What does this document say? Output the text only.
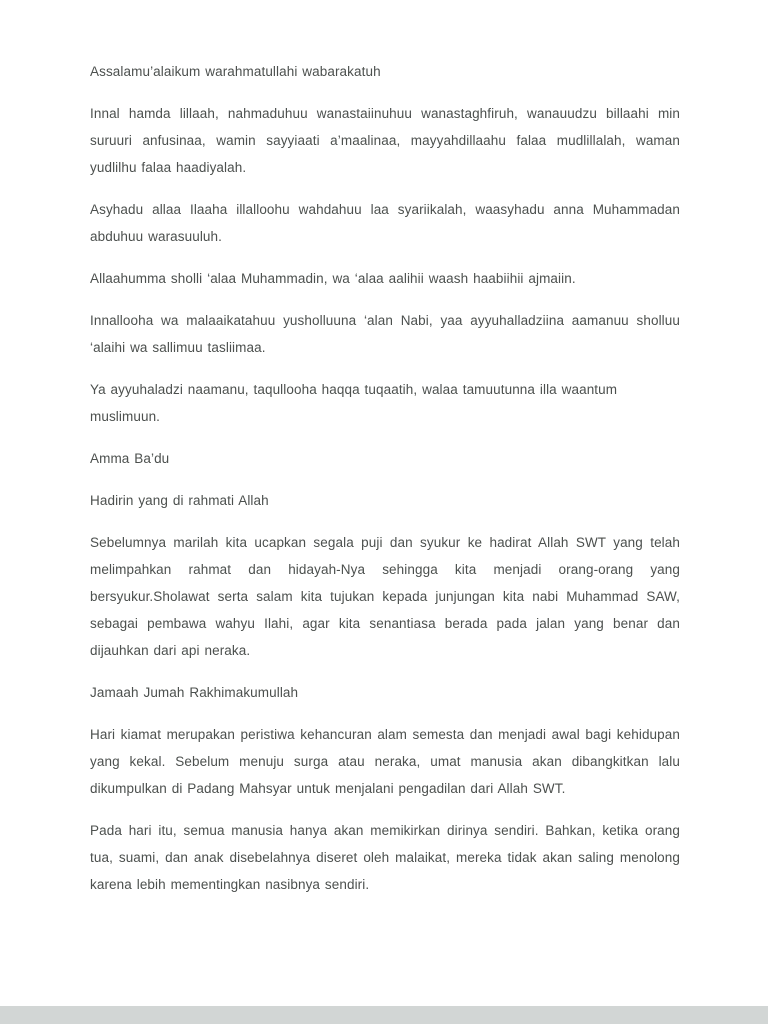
Assalamu’alaikum warahmatullahi wabarakatuh

Innal hamda lillaah, nahmaduhuu wanastaiinuhuu wanastaghfiruh, wanauudzu billaahi min suruuri anfusinaa, wamin sayyiaati a’maalinaa, mayyahdillaahu falaa mudlillalah, waman yudlilhu falaa haadiyalah.

Asyhadu allaa Ilaaha illalloohu wahdahuu laa syariikalah, waasyhadu anna Muhammadan abduhuu warasuuluh.

Allaahumma sholli ‘alaa Muhammadin, wa ‘alaa aalihii waash haabiihii ajmaiin.

Innallooha wa malaaikatahuu yusholluuna ‘alan Nabi, yaa ayyuhalladziina aamanuu sholluu ‘alaihi wa sallimuu tasliimaa.

Ya ayyuhaladzi naamanu, taqullooha haqqa tuqaatih, walaa tamuutunna illa waantum muslimuun.

Amma Ba’du

Hadirin yang di rahmati Allah

Sebelumnya marilah kita ucapkan segala puji dan syukur ke hadirat Allah SWT yang telah melimpahkan rahmat dan hidayah-Nya sehingga kita menjadi orang-orang yang bersyukur.Sholawat serta salam kita tujukan kepada junjungan kita nabi Muhammad SAW, sebagai pembawa wahyu Ilahi, agar kita senantiasa berada pada jalan yang benar dan dijauhkan dari api neraka.

Jamaah Jumah Rakhimakumullah

Hari kiamat merupakan peristiwa kehancuran alam semesta dan menjadi awal bagi kehidupan yang kekal. Sebelum menuju surga atau neraka, umat manusia akan dibangkitkan lalu dikumpulkan di Padang Mahsyar untuk menjalani pengadilan dari Allah SWT.

Pada hari itu, semua manusia hanya akan memikirkan dirinya sendiri. Bahkan, ketika orang tua, suami, dan anak disebelahnya diseret oleh malaikat, mereka tidak akan saling menolong karena lebih mementingkan nasibnya sendiri.
